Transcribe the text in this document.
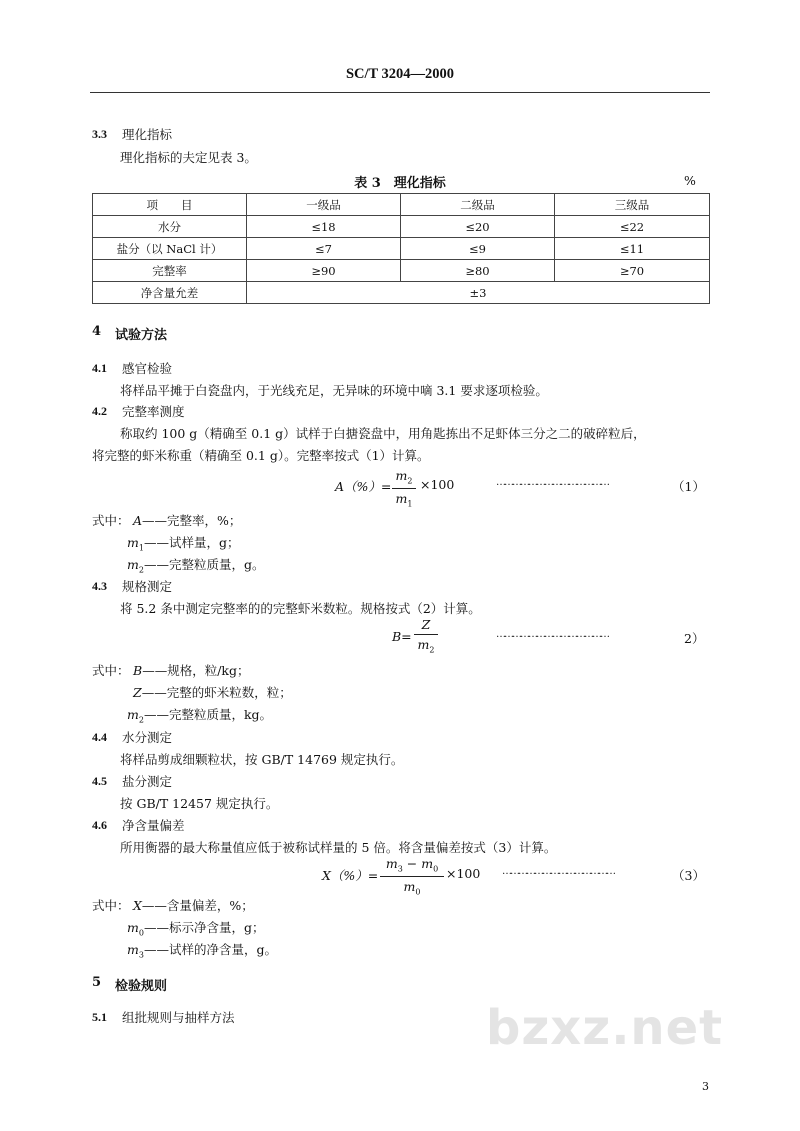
SC/T 3204—2000
3.3 理化指标
理化指标的夫定见表 3。
表 3　理化指标	%
项　　目	一级品	二级品	三级品
水分	≤18	≤20	≤22
盐分（以 NaCl 计）	≤7	≤9	≤11
完整率	≥90	≥80	≥70
净含量允差	±3		
4 试验方法
4.1 感官检验
将样品平摊于白瓷盘内，于光线充足，无异味的环境中嘀 3.1 要求逐项检验。
4.2 完整率测度
称取约 100 g（精确至 0.1 g）试样于白搪瓷盘中，用角匙拣出不足虾体三分之二的破碎粒后，
将完整的虾米称重（精确至 0.1 g）。完整率按式（1）计算。
A（%）=
$m_2$
$m_1$
×100	……………………………………	（1）
式中： A——完整率，%；
$m_1——$试样量，g；
$m_2——$完整粒质量，g。
4.3 规格测定
将 5.2 条中测定完整率的的完整虾米数粒。规格按式（2）计算。
B=
Z
$m_2$
……………………………………	2）
式中： B——规格，粒/kg；
Z——完整的虾米粒数，粒；
$m_2——$完整粒质量，kg。
4.4 水分测定
将样品剪成细颗粒状，按 GB/T 14769 规定执行。
4.5 盐分测定
按 GB/T 12457 规定执行。
4.6 净含量偏差
所用衡器的最大称量值应低于被称试样量的 5 倍。将含量偏差按式（3）计算。
X（%）=
$m_3 - m_0$
$m_0$
×100 ……………………………………	（3）
式中： X——含量偏差，%；
$m_0——$标示净含量，g；
$m_3——$试样的净含量，g。
5 检验规则
5.1 组批规则与抽样方法	bzxz.net
3
